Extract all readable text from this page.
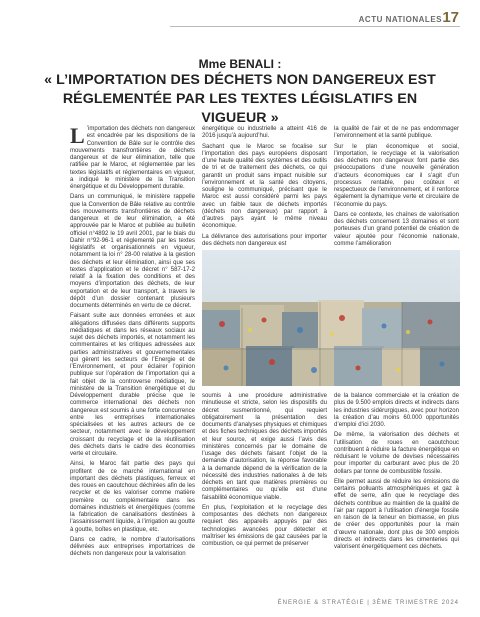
ACTU NATIONALES 17
Mme BENALI :
« L’IMPORTATION DES DÉCHETS NON DANGEREUX EST RÉGLEMENTÉE PAR LES TEXTES LÉGISLATIFS EN VIGUEUR »

L ’importation des déchets non dangereux est encadrée par les dispositions de la Convention de Bâle sur le contrôle des mouvements transfrontières de déchets dangereux et de leur élimination, telle que ratifiée par le Maroc, et réglementée par les textes législatifs et réglementaires en vigueur, a indiqué le ministère de la Transition énergétique et du Développement durable.

Dans un communiqué, le ministère rappelle que la Convention de Bâle relative au contrôle des mouvements transfrontières de déchets dangereux et de leur élimination, a été approuvée par le Maroc et publiée au bulletin officiel n°4892 le 19 avril 2001, par le biais du Dahir n°92-96-1 et réglementé par les textes législatifs et organisationnels en vigueur, notamment la loi n° 28-00 relative à la gestion des déchets et leur élimination, ainsi que ses textes d’application et le décret n° 587-17-2 relatif à la fixation des conditions et des moyens d’importation des déchets, de leur exportation et de leur transport, à travers le dépôt d’un dossier contenant plusieurs documents déterminés en vertu de ce décret.

Faisant suite aux données erronées et aux allégations diffusées dans différents supports médiatiques et dans les réseaux sociaux au sujet des déchets importés, et notamment les commentaires et les critiques adressées aux parties administratives et gouvernementales qui gèrent les secteurs de l’Energie et de l’Environnement, et pour éclairer l’opinion publique sur l’opération de l’importation qui a fait objet de la controverse médiatique, le ministère de la Transition énergétique et du Développement durable précise que le commerce international des déchets non dangereux est soumis à une forte concurrence entre les entreprises internationales spécialisées et les autres acteurs de ce secteur, notamment avec le développement croissant du recyclage et de la réutilisation des déchets dans le cadre des économies verte et circulaire.

Ainsi, le Maroc fait partie des pays qui profitent de ce marché international en important des déchets plastiques, ferreux et des roues en caoutchouc déchirées afin de les recycler et de les valoriser comme matière première ou complémentaire dans les domaines industriels et énergétiques (comme la fabrication de canalisations destinées à l’assainissement liquide, à l’irrigation au goutte à goutte, boîtes en plastique, etc.

Dans ce cadre, le nombre d’autorisations délivrées aux entreprises importatrices de déchets non dangereux pour la valorisation

énergétique ou industrielle a atteint 416 de 2016 jusqu’à aujourd’hui.

Sachant que le Maroc se focalise sur l’importation des pays européens disposant d’une haute qualité des systèmes et des outils de tri et de traitement des déchets, ce qui garantit un produit sans impact nuisible sur l’environnement et la santé des citoyens, souligne le communiqué, précisant que le Maroc est aussi considéré parmi les pays avec un faible taux de déchets importés (déchets non dangereux) par rapport à d’autres pays ayant le même niveau économique.

La délivrance des autorisations pour importer des déchets non dangereux est

la qualité de l’air et de ne pas endommager l’environnement et la santé publique.

Sur le plan économique et social, l’importation, le recyclage et la valorisation des déchets non dangereux font partie des préoccupations d’une nouvelle génération d’acteurs économiques car il s’agit d’un processus rentable, peu coûteux et respectueux de l’environnement, et il renforce également la dynamique verte et circulaire de l’économie du pays.

Dans ce contexte, les chaînes de valorisation des déchets concernent 13 domaines et sont porteuses d’un grand potentiel de création de valeur ajoutée pour l’économie nationale, comme l’amélioration

soumis à une procédure administrative minutieuse et stricte, selon les dispositifs du décret susmentionné, qui requiert obligatoirement la présentation des documents d’analyses physiques et chimiques et des fiches techniques des déchets importés et leur source, et exige aussi l’avis des ministères concernés par le domaine de l’usage des déchets faisant l’objet de la demande d’autorisation, la réponse favorable à la demande dépend de la vérification de la nécessité des industries nationales à de tels déchets en tant que matières premières ou complémentaires ou qu’elle est d’une faisabilité économique viable.

En plus, l’exploitation et le recyclage des composantes des déchets non dangereux requiert des appareils appuyés par des technologies avancées pour détecter et maîtriser les émissions de gaz causées par la combustion, ce qui permet de préserver

de la balance commerciale et la création de plus de 9.500 emplois directs et indirects dans les industries sidérurgiques, avec pour horizon la création d’au moins 60.000 opportunités d’emploi d’ici 2030.

De même, la valorisation des déchets et l’utilisation de roues en caoutchouc contribuent à réduire la facture énergétique en réduisant le volume de devises nécessaires pour importer du carburant avec plus de 20 dollars par tonne de combustible fossile.

Elle permet aussi de réduire les émissions de certains polluants atmosphériques et gaz à effet de serre, afin que le recyclage des déchets contribue au maintien de la qualité de l’air par rapport à l’utilisation d’énergie fossile en raison de la teneur en biomasse, en plus de créer des opportunités pour la main d’œuvre nationale, dont plus de 300 emplois directs et indirects dans les cimenteries qui valorisent énergétiquement ces déchets.

ÉNERGIE & STRATÉGIE | 3ÈME TRIMESTRE 2024
